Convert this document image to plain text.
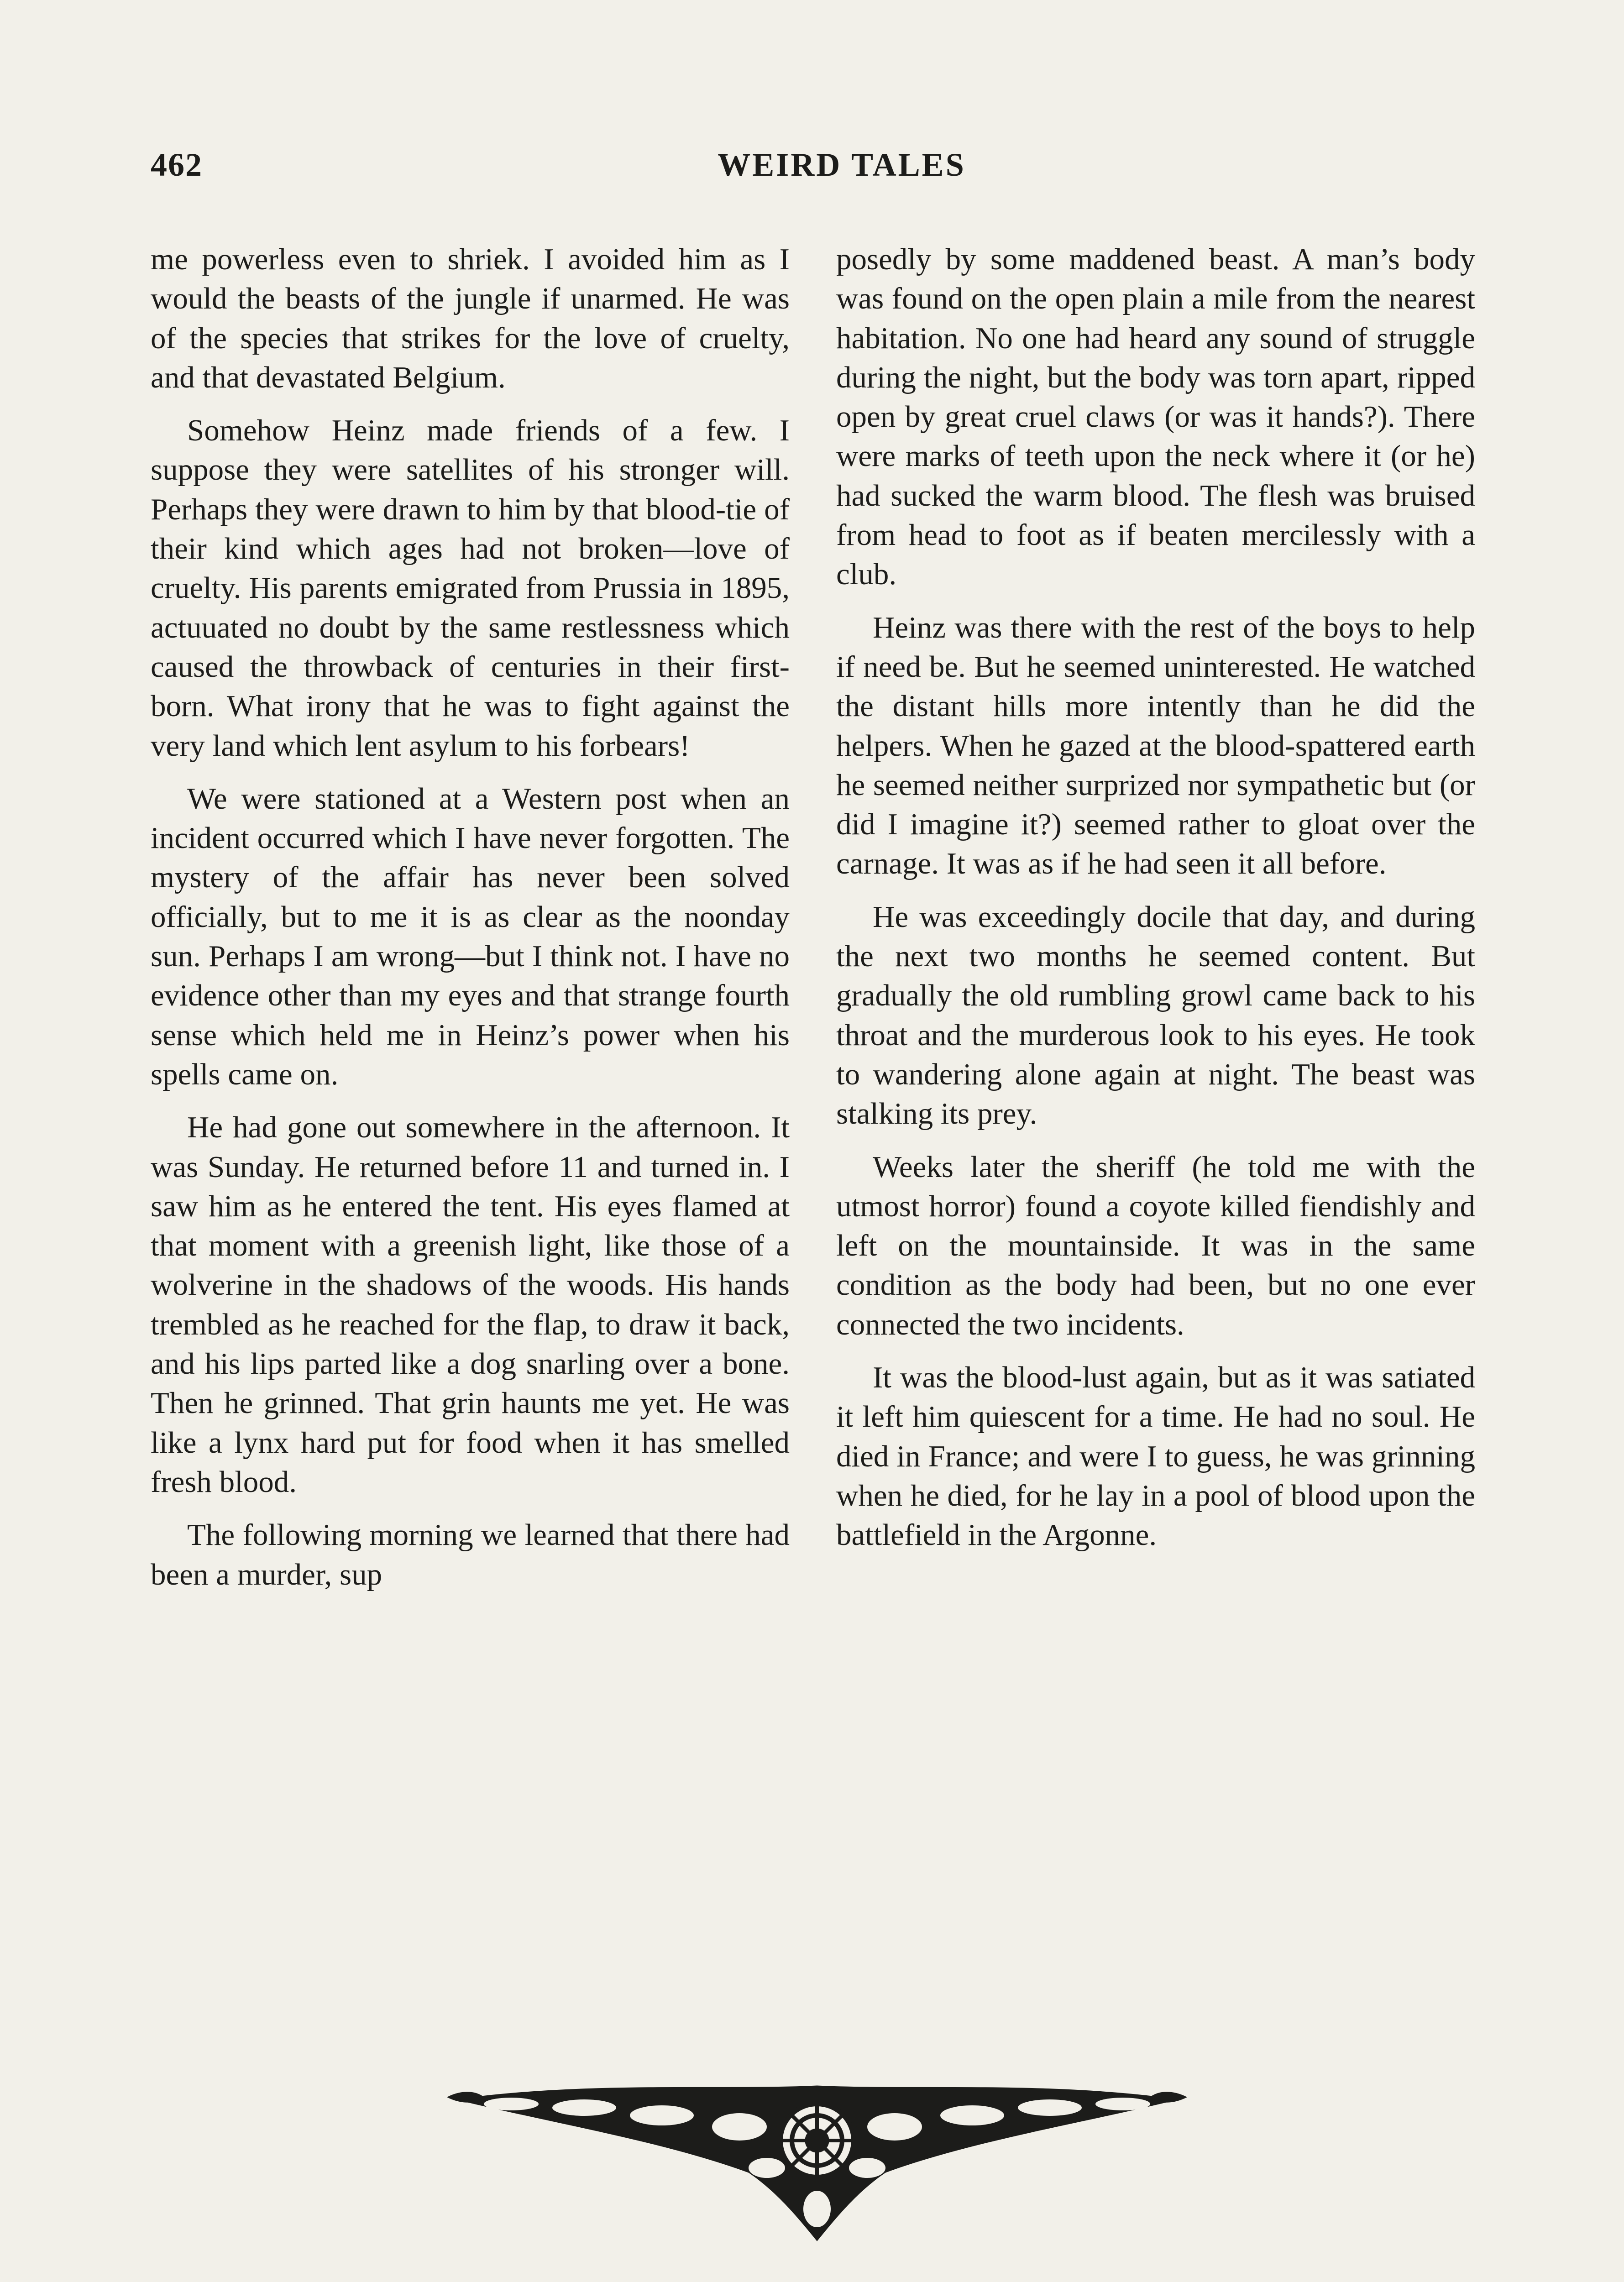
462	WEIRD TALES

me powerless even to shriek. I avoided him as I would the beasts of the jungle if unarmed. He was of the species that strikes for the love of cruelty, and that devastated Belgium.

Somehow Heinz made friends of a few. I suppose they were satellites of his stronger will. Perhaps they were drawn to him by that blood-tie of their kind which ages had not broken—love of cruelty. His parents emigrated from Prussia in 1895, actuuated no doubt by the same restlessness which caused the throwback of centuries in their first-born. What irony that he was to fight against the very land which lent asylum to his forbears!

We were stationed at a Western post when an incident occurred which I have never forgotten. The mystery of the affair has never been solved officially, but to me it is as clear as the noonday sun. Perhaps I am wrong—but I think not. I have no evidence other than my eyes and that strange fourth sense which held me in Heinz’s power when his spells came on.

He had gone out somewhere in the afternoon. It was Sunday. He returned before 11 and turned in. I saw him as he entered the tent. His eyes flamed at that moment with a greenish light, like those of a wolverine in the shadows of the woods. His hands trembled as he reached for the flap, to draw it back, and his lips parted like a dog snarling over a bone. Then he grinned. That grin haunts me yet. He was like a lynx hard put for food when it has smelled fresh blood.

The following morning we learned that there had been a murder, sup

posedly by some maddened beast. A man’s body was found on the open plain a mile from the nearest habitation. No one had heard any sound of struggle during the night, but the body was torn apart, ripped open by great cruel claws (or was it hands?). There were marks of teeth upon the neck where it (or he) had sucked the warm blood. The flesh was bruised from head to foot as if beaten mercilessly with a club.

Heinz was there with the rest of the boys to help if need be. But he seemed uninterested. He watched the distant hills more intently than he did the helpers. When he gazed at the blood-spattered earth he seemed neither surprized nor sympathetic but (or did I imagine it?) seemed rather to gloat over the carnage. It was as if he had seen it all before.

He was exceedingly docile that day, and during the next two months he seemed content. But gradually the old rumbling growl came back to his throat and the murderous look to his eyes. He took to wandering alone again at night. The beast was stalking its prey.

Weeks later the sheriff (he told me with the utmost horror) found a coyote killed fiendishly and left on the mountainside. It was in the same condition as the body had been, but no one ever connected the two incidents.

It was the blood-lust again, but as it was satiated it left him quiescent for a time. He had no soul. He died in France; and were I to guess, he was grinning when he died, for he lay in a pool of blood upon the battlefield in the Argonne.
